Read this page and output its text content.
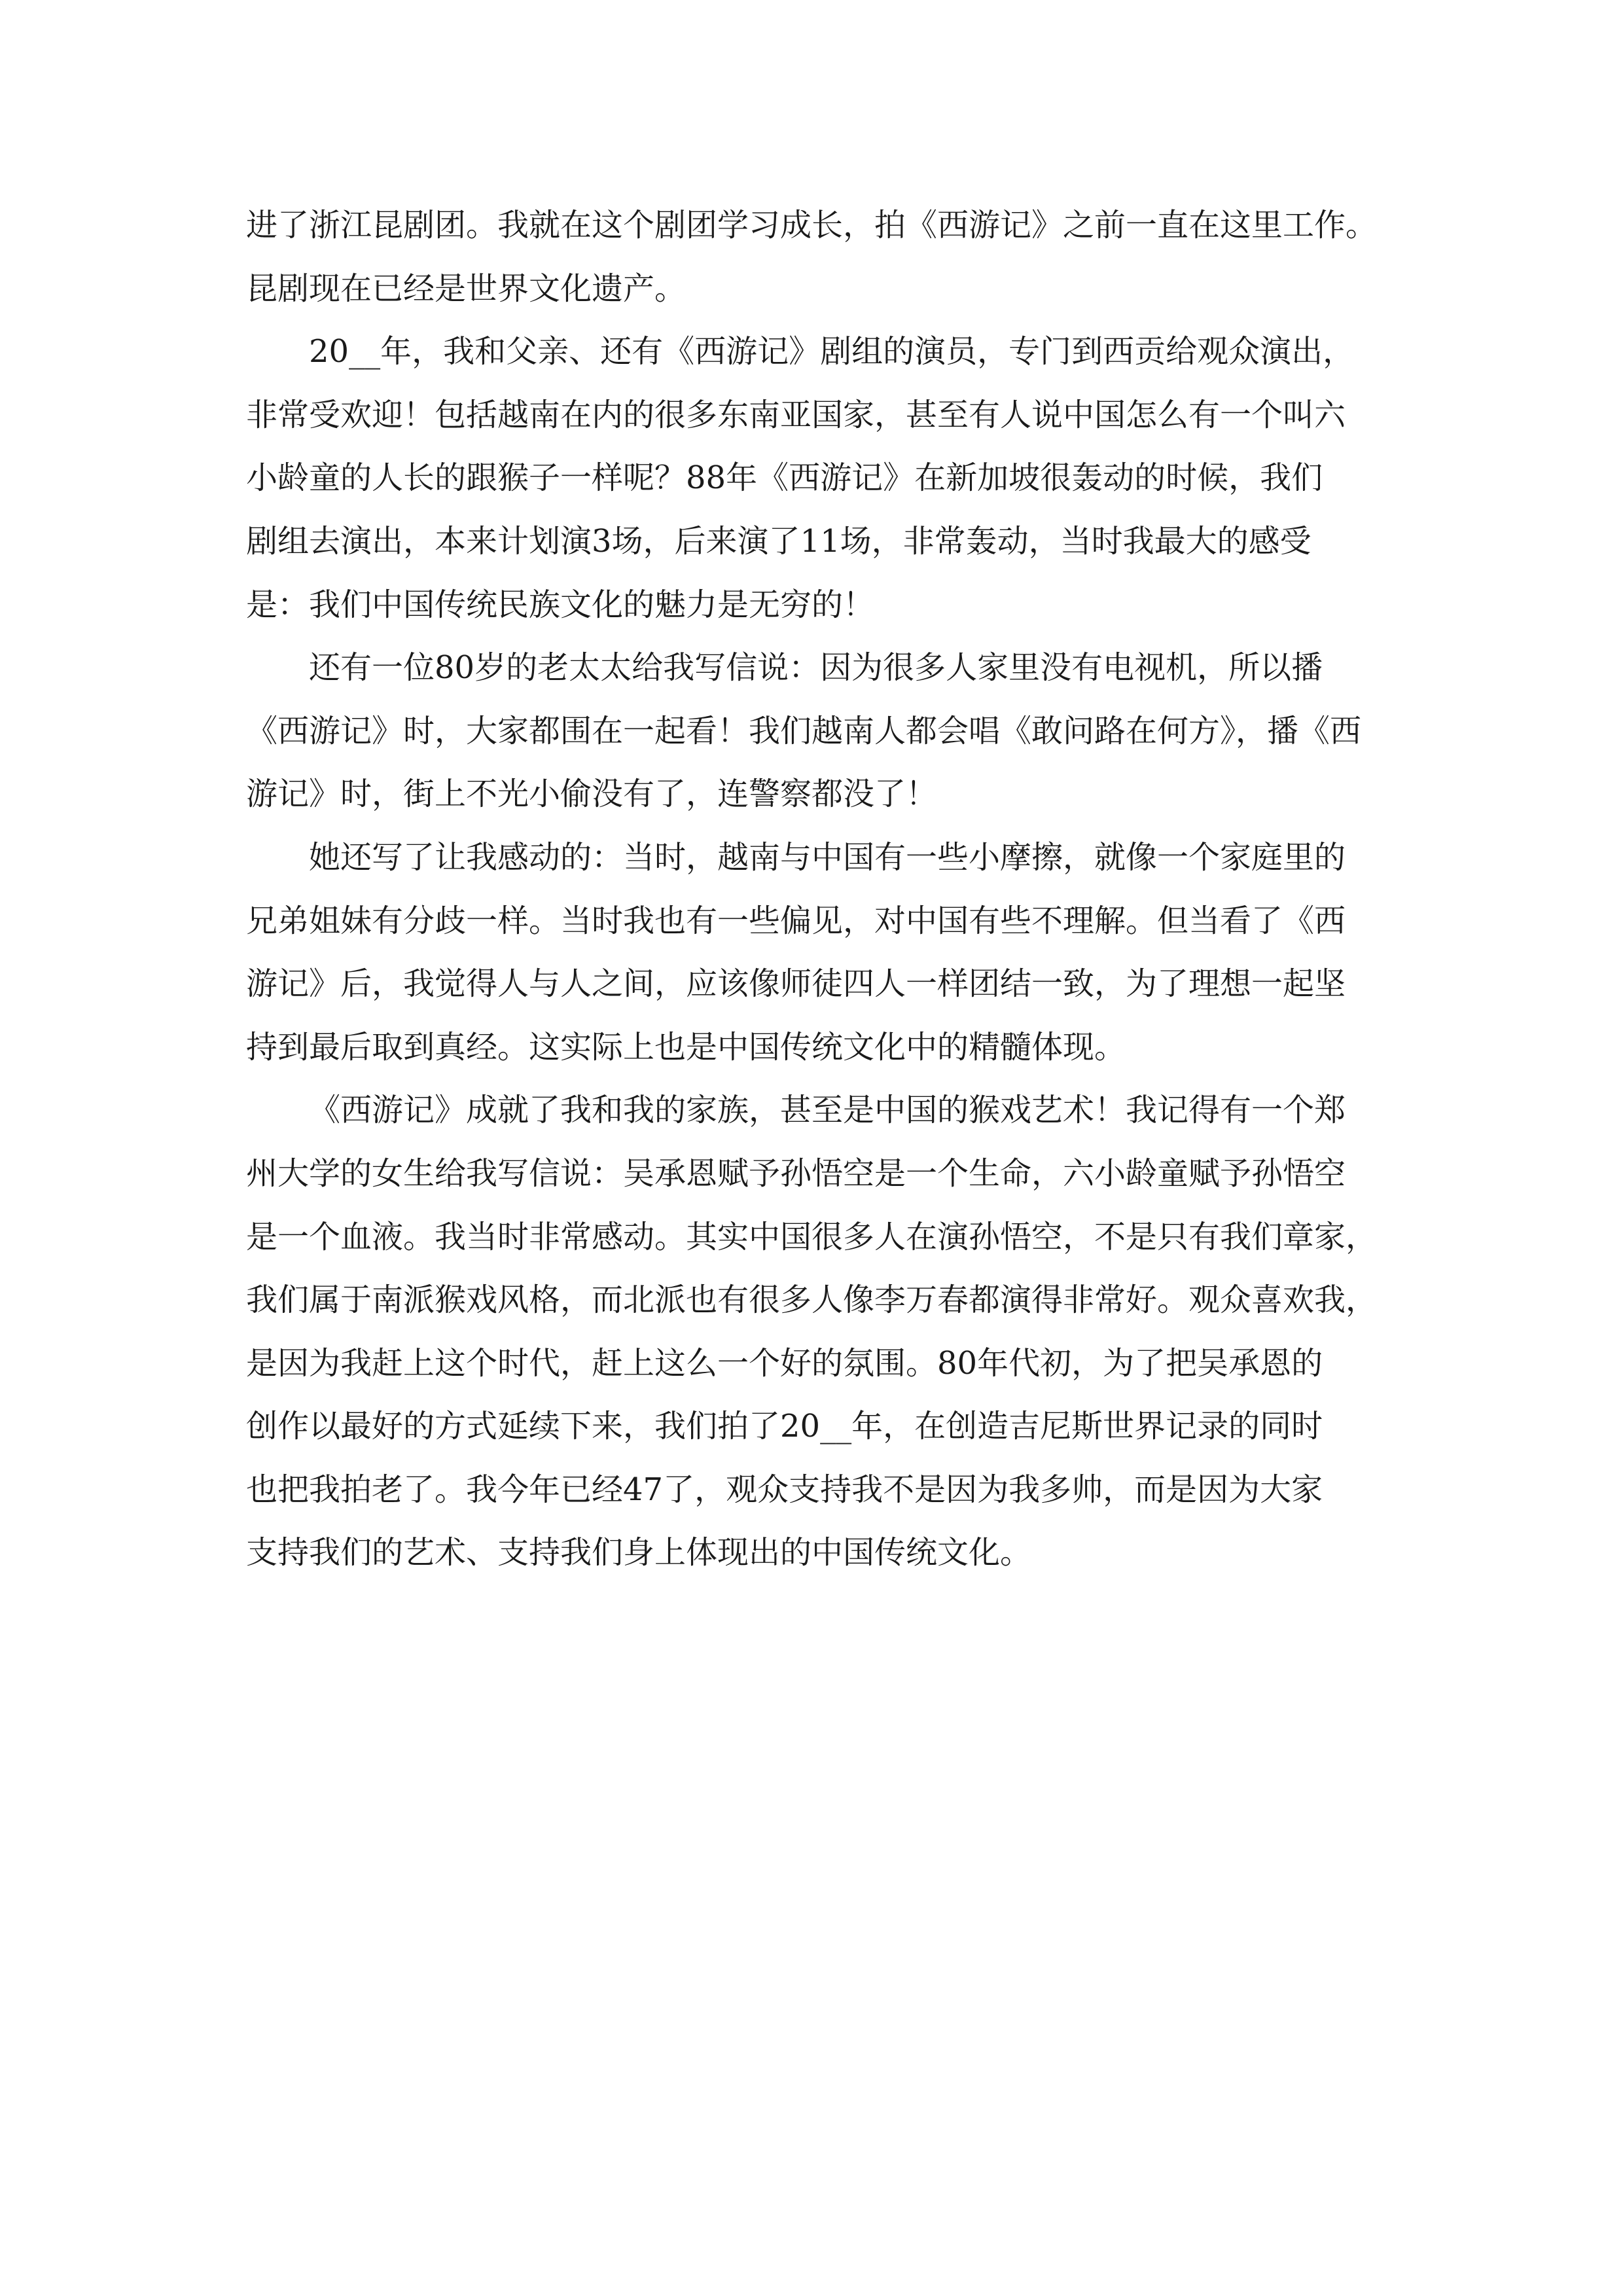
进了浙江昆剧团。我就在这个剧团学习成长，拍《西游记》之前一直在这里工作。
昆剧现在已经是世界文化遗产。
20__年，我和父亲、还有《西游记》剧组的演员，专门到西贡给观众演出，
非常受欢迎！包括越南在内的很多东南亚国家，甚至有人说中国怎么有一个叫六
小龄童的人长的跟猴子一样呢？88年《西游记》在新加坡很轰动的时候，我们
剧组去演出，本来计划演3场，后来演了11场，非常轰动，当时我最大的感受
是：我们中国传统民族文化的魅力是无穷的！
还有一位80岁的老太太给我写信说：因为很多人家里没有电视机，所以播
《西游记》时，大家都围在一起看！我们越南人都会唱《敢问路在何方》，播《西
游记》时，街上不光小偷没有了，连警察都没了！
她还写了让我感动的：当时，越南与中国有一些小摩擦，就像一个家庭里的
兄弟姐妹有分歧一样。当时我也有一些偏见，对中国有些不理解。但当看了《西
游记》后，我觉得人与人之间，应该像师徒四人一样团结一致，为了理想一起坚
持到最后取到真经。这实际上也是中国传统文化中的精髓体现。
《西游记》成就了我和我的家族，甚至是中国的猴戏艺术！我记得有一个郑
州大学的女生给我写信说：吴承恩赋予孙悟空是一个生命，六小龄童赋予孙悟空
是一个血液。我当时非常感动。其实中国很多人在演孙悟空，不是只有我们章家，
我们属于南派猴戏风格，而北派也有很多人像李万春都演得非常好。观众喜欢我，
是因为我赶上这个时代，赶上这么一个好的氛围。80年代初，为了把吴承恩的
创作以最好的方式延续下来，我们拍了20__年，在创造吉尼斯世界记录的同时
也把我拍老了。我今年已经47了，观众支持我不是因为我多帅，而是因为大家
支持我们的艺术、支持我们身上体现出的中国传统文化。
